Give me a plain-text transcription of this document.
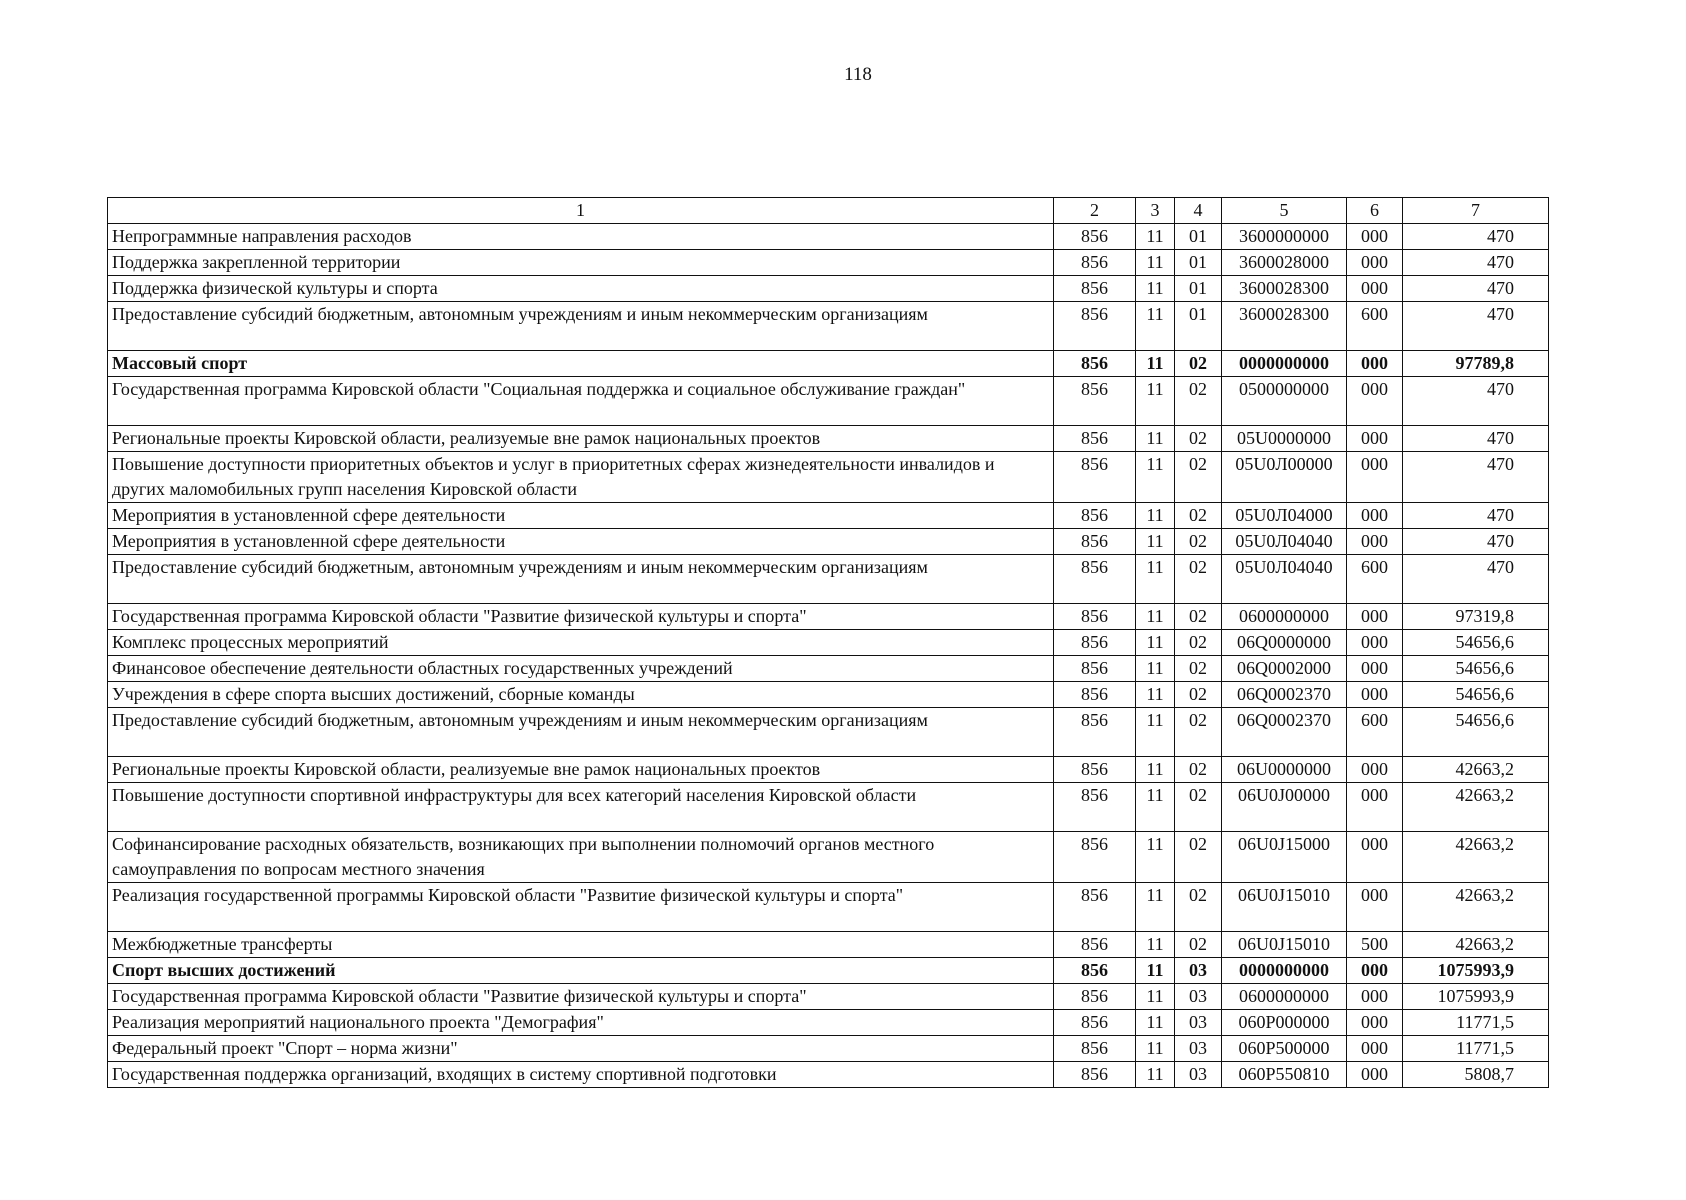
118
1	2	3	4	5	6	7
Непрограммные направления расходов	856	11	01	3600000000	000	470
Поддержка закрепленной территории	856	11	01	3600028000	000	470
Поддержка физической культуры и спорта	856	11	01	3600028300	000	470
Предоставление субсидий бюджетным, автономным учреждениям и иным некоммерческим организациям	856	11	01	3600028300	600	470
Массовый спорт	856	11	02	0000000000	000	97789,8
Государственная программа Кировской области "Социальная поддержка и социальное обслуживание граждан"	856	11	02	0500000000	000	470
Региональные проекты Кировской области, реализуемые вне рамок национальных проектов	856	11	02	05U0000000	000	470
Повышение доступности приоритетных объектов и услуг в приоритетных сферах жизнедеятельности инвалидов и других маломобильных групп населения Кировской области	856	11	02	05U0Л00000	000	470
Мероприятия в установленной сфере деятельности	856	11	02	05U0Л04000	000	470
Мероприятия в установленной сфере деятельности	856	11	02	05U0Л04040	000	470
Предоставление субсидий бюджетным, автономным учреждениям и иным некоммерческим организациям	856	11	02	05U0Л04040	600	470
Государственная программа Кировской области "Развитие физической культуры и спорта"	856	11	02	0600000000	000	97319,8
Комплекс процессных мероприятий	856	11	02	06Q0000000	000	54656,6
Финансовое обеспечение деятельности областных государственных учреждений	856	11	02	06Q0002000	000	54656,6
Учреждения в сфере спорта высших достижений, сборные команды	856	11	02	06Q0002370	000	54656,6
Предоставление субсидий бюджетным, автономным учреждениям и иным некоммерческим организациям	856	11	02	06Q0002370	600	54656,6
Региональные проекты Кировской области, реализуемые вне рамок национальных проектов	856	11	02	06U0000000	000	42663,2
Повышение доступности спортивной инфраструктуры для всех категорий населения Кировской области	856	11	02	06U0J00000	000	42663,2
Софинансирование расходных обязательств, возникающих при выполнении полномочий органов местного самоуправления по вопросам местного значения	856	11	02	06U0J15000	000	42663,2
Реализация государственной программы Кировской области "Развитие физической культуры и спорта"	856	11	02	06U0J15010	000	42663,2
Межбюджетные трансферты	856	11	02	06U0J15010	500	42663,2
Спорт высших достижений	856	11	03	0000000000	000	1075993,9
Государственная программа Кировской области "Развитие физической культуры и спорта"	856	11	03	0600000000	000	1075993,9
Реализация мероприятий национального проекта "Демография"	856	11	03	060P000000	000	11771,5
Федеральный проект "Спорт – норма жизни"	856	11	03	060P500000	000	11771,5
Государственная поддержка организаций, входящих в систему спортивной подготовки	856	11	03	060P550810	000	5808,7
